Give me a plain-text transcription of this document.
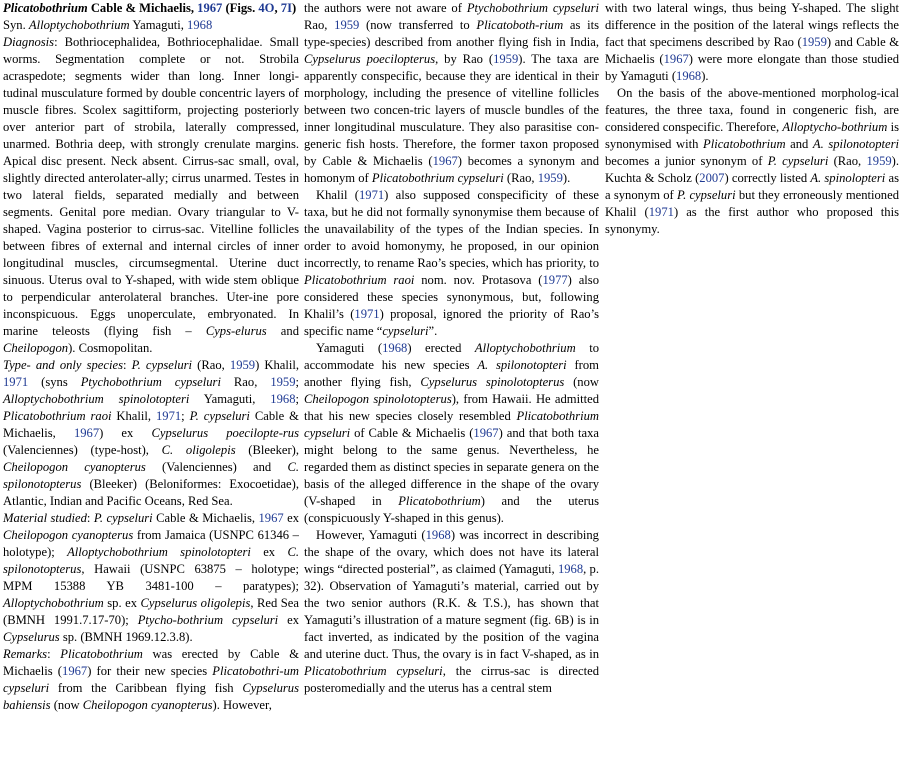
Plicatobothrium Cable & Michaelis, 1967 (Figs. 4O, 7I)

Syn. Alloptychobothrium Yamaguti, 1968

Diagnosis: Bothriocephalidea, Bothriocephalidae. Small worms. Segmentation complete or not. Strobila acraspedote; segments wider than long. Inner longi-tudinal musculature formed by double concentric layers of muscle fibres. Scolex sagittiform, projecting posteriorly over anterior part of strobila, laterally compressed, unarmed. Bothria deep, with strongly crenulate margins. Apical disc present. Neck absent. Cirrus-sac small, oval, slightly directed anterolater-ally; cirrus unarmed. Testes in two lateral fields, separated medially and between segments. Genital pore median. Ovary triangular to V-shaped. Vagina posterior to cirrus-sac. Vitelline follicles between fibres of external and internal circles of inner longitudinal muscles, circumsegmental. Uterine duct sinuous. Uterus oval to Y-shaped, with wide stem oblique to perpendicular anterolateral branches. Uter-ine pore inconspicuous. Eggs unoperculate, embryonated. In marine teleosts (flying fish – Cyps-elurus and Cheilopogon). Cosmopolitan.

Type- and only species: P. cypseluri (Rao, 1959) Khalil, 1971 (syns Ptychobothrium cypseluri Rao, 1959; Alloptychobothrium spinolotopteri Yamaguti, 1968; Plicatobothrium raoi Khalil, 1971; P. cypseluri Cable & Michaelis, 1967) ex Cypselurus poecilopte-rus (Valenciennes) (type-host), C. oligolepis (Bleeker), Cheilopogon cyanopterus (Valenciennes) and C. spilonotopterus (Bleeker) (Beloniformes: Exocoetidae), Atlantic, Indian and Pacific Oceans, Red Sea.

Material studied: P. cypseluri Cable & Michaelis, 1967 ex Cheilopogon cyanopterus from Jamaica (USNPC 61346 – holotype); Alloptychobothrium spinolotopteri ex C. spilonotopterus, Hawaii (USNPC 63875 – holotype; MPM 15388 YB 3481-100 – paratypes); Alloptychobothrium sp. ex Cypselurus oligolepis, Red Sea (BMNH 1991.7.17-70); Ptycho-bothrium cypseluri ex Cypselurus sp. (BMNH 1969.12.3.8).

Remarks: Plicatobothrium was erected by Cable & Michaelis (1967) for their new species Plicatobothri-um cypseluri from the Caribbean flying fish Cypselurus bahiensis (now Cheilopogon cyanopterus). However,

the authors were not aware of Ptychobothrium cypseluri Rao, 1959 (now transferred to Plicatoboth-rium as its type-species) described from another flying fish in India, Cypselurus poecilopterus, by Rao (1959). The taxa are apparently conspecific, because they are identical in their morphology, including the presence of vitelline follicles between two concen-tric layers of muscle bundles of the inner longitudinal musculature. They also parasitise con-generic fish hosts. Therefore, the former taxon proposed by Cable & Michaelis (1967) becomes a synonym and homonym of Plicatobothrium cypseluri (Rao, 1959).

Khalil (1971) also supposed conspecificity of these taxa, but he did not formally synonymise them because of the unavailability of the types of the Indian species. In order to avoid homonymy, he proposed, in our opinion incorrectly, to rename Rao’s species, which has priority, to Plicatobothrium raoi nom. nov. Protasova (1977) also considered these species synonymous, but, following Khalil’s (1971) proposal, ignored the priority of Rao’s specific name “cypseluri”.

Yamaguti (1968) erected Alloptychobothrium to accommodate his new species A. spilonotopteri from another flying fish, Cypselurus spinolotopterus (now Cheilopogon spinolotopterus), from Hawaii. He admitted that his new species closely resembled Plicatobothrium cypseluri of Cable & Michaelis (1967) and that both taxa might belong to the same genus. Nevertheless, he regarded them as distinct species in separate genera on the basis of the alleged difference in the shape of the ovary (V-shaped in Plicatobothrium) and the uterus (conspicuously Y-shaped in this genus).

However, Yamaguti (1968) was incorrect in describing the shape of the ovary, which does not have its lateral wings “directed posterial”, as claimed (Yamaguti, 1968, p. 32). Observation of Yamaguti’s material, carried out by the two senior authors (R.K. & T.S.), has shown that Yamaguti’s illustration of a mature segment (fig. 6B) is in fact inverted, as indicated by the position of the vagina and uterine duct. Thus, the ovary is in fact V-shaped, as in Plicatobothrium cypseluri, the cirrus-sac is directed posteromedially and the uterus has a central stem

with two lateral wings, thus being Y-shaped. The slight difference in the position of the lateral wings reflects the fact that specimens described by Rao (1959) and Cable & Michaelis (1967) were more elongate than those studied by Yamaguti (1968).

On the basis of the above-mentioned morpholog-ical features, the three taxa, found in congeneric fish, are considered conspecific. Therefore, Alloptycho-bothrium is synonymised with Plicatobothrium and A. spilonotopteri becomes a junior synonym of P. cypseluri (Rao, 1959). Kuchta & Scholz (2007) correctly listed A. spinolopteri as a synonym of P. cypseluri but they erroneously mentioned Khalil (1971) as the first author who proposed this synonymy.
